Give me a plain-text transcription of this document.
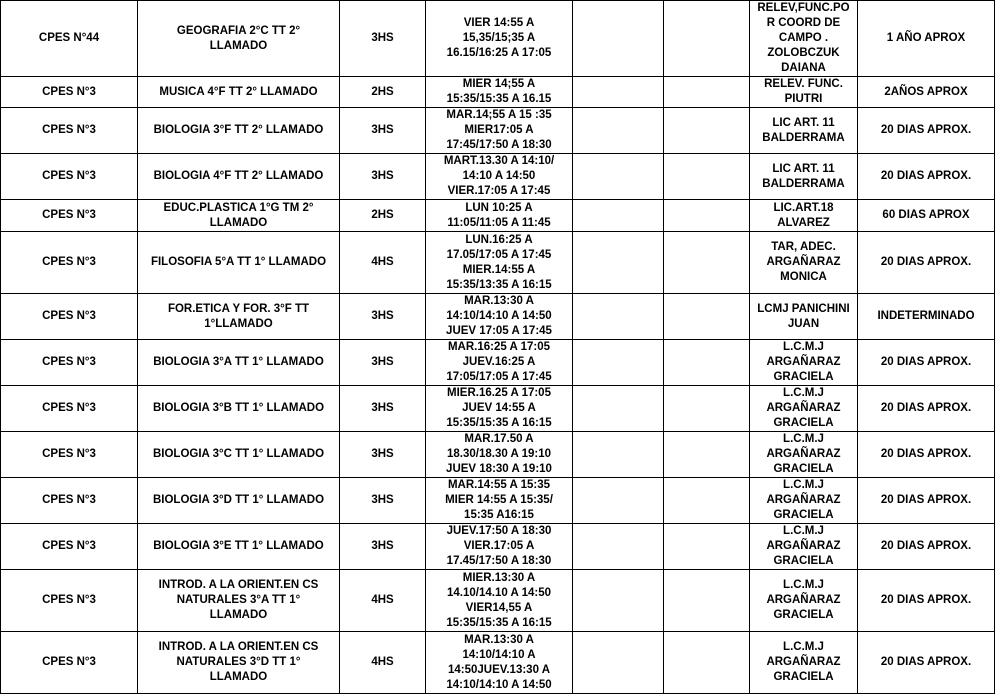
CPES N°44	GEOGRAFIA 2°C TT 2°
LLAMADO	3HS	VIER 14:55 A
15,35/15;35 A
16.15/16:25 A 17:05			RELEV,FUNC.PO
R COORD DE
CAMPO .
ZOLOBCZUK
DAIANA	1 AÑO APROX
CPES N°3	MUSICA 4°F TT 2° LLAMADO	2HS	MIER 14;55 A
15:35/15:35 A 16.15			RELEV. FUNC.
PIUTRI	2AÑOS APROX
CPES N°3	BIOLOGIA 3°F TT 2° LLAMADO	3HS	MAR.14;55 A 15 :35
MIER17:05 A
17:45/17:50 A 18:30			LIC ART. 11
BALDERRAMA	20 DIAS APROX.
CPES N°3	BIOLOGIA 4°F TT 2° LLAMADO	3HS	MART.13.30 A 14:10/
14:10 A 14:50
VIER.17:05 A 17:45			LIC ART. 11
BALDERRAMA	20 DIAS APROX.
CPES N°3	EDUC.PLASTICA 1°G TM 2°
LLAMADO	2HS	LUN 10:25 A
11:05/11:05 A 11:45			LIC.ART.18
ALVAREZ	60 DIAS APROX
CPES N°3	FILOSOFIA 5°A TT 1° LLAMADO	4HS	LUN.16:25 A
17.05/17:05 A 17:45
MIER.14:55 A
15:35/13:35 A 16:15			TAR, ADEC.
ARGAÑARAZ
MONICA	20 DIAS APROX.
CPES N°3	FOR.ETICA Y FOR. 3°F TT
1°LLAMADO	3HS	MAR.13:30 A
14:10/14:10 A 14:50
JUEV 17:05 A 17:45			LCMJ PANICHINI
JUAN	INDETERMINADO
CPES N°3	BIOLOGIA 3°A TT 1° LLAMADO	3HS	MAR.16:25 A 17:05
JUEV.16:25 A
17:05/17:05 A 17:45			L.C.M.J
ARGAÑARAZ
GRACIELA	20 DIAS APROX.
CPES N°3	BIOLOGIA 3°B TT 1° LLAMADO	3HS	MIER.16.25 A 17:05
JUEV 14:55 A
15:35/15:35 A 16:15			L.C.M.J
ARGAÑARAZ
GRACIELA	20 DIAS APROX.
CPES N°3	BIOLOGIA 3°C TT 1° LLAMADO	3HS	MAR.17.50 A
18.30/18.30 A 19:10
JUEV 18:30 A 19:10			L.C.M.J
ARGAÑARAZ
GRACIELA	20 DIAS APROX.
CPES N°3	BIOLOGIA 3°D TT 1° LLAMADO	3HS	MAR.14:55 A 15:35
MIER 14:55 A 15:35/
15:35 A16:15			L.C.M.J
ARGAÑARAZ
GRACIELA	20 DIAS APROX.
CPES N°3	BIOLOGIA 3°E TT 1° LLAMADO	3HS	JUEV.17:50 A 18:30
VIER.17:05 A
17.45/17:50 A 18:30			L.C.M.J
ARGAÑARAZ
GRACIELA	20 DIAS APROX.
CPES N°3	INTROD. A LA ORIENT.EN CS
NATURALES 3°A TT 1°
LLAMADO	4HS	MIER.13:30 A
14.10/14.10 A 14:50
VIER14,55 A
15:35/15:35 A 16:15			L.C.M.J
ARGAÑARAZ
GRACIELA	20 DIAS APROX.
CPES N°3	INTROD. A LA ORIENT.EN CS
NATURALES 3°D TT 1°
LLAMADO	4HS	MAR.13:30 A
14:10/14:10 A
14:50JUEV.13:30 A
14:10/14:10 A 14:50			L.C.M.J
ARGAÑARAZ
GRACIELA	20 DIAS APROX.
